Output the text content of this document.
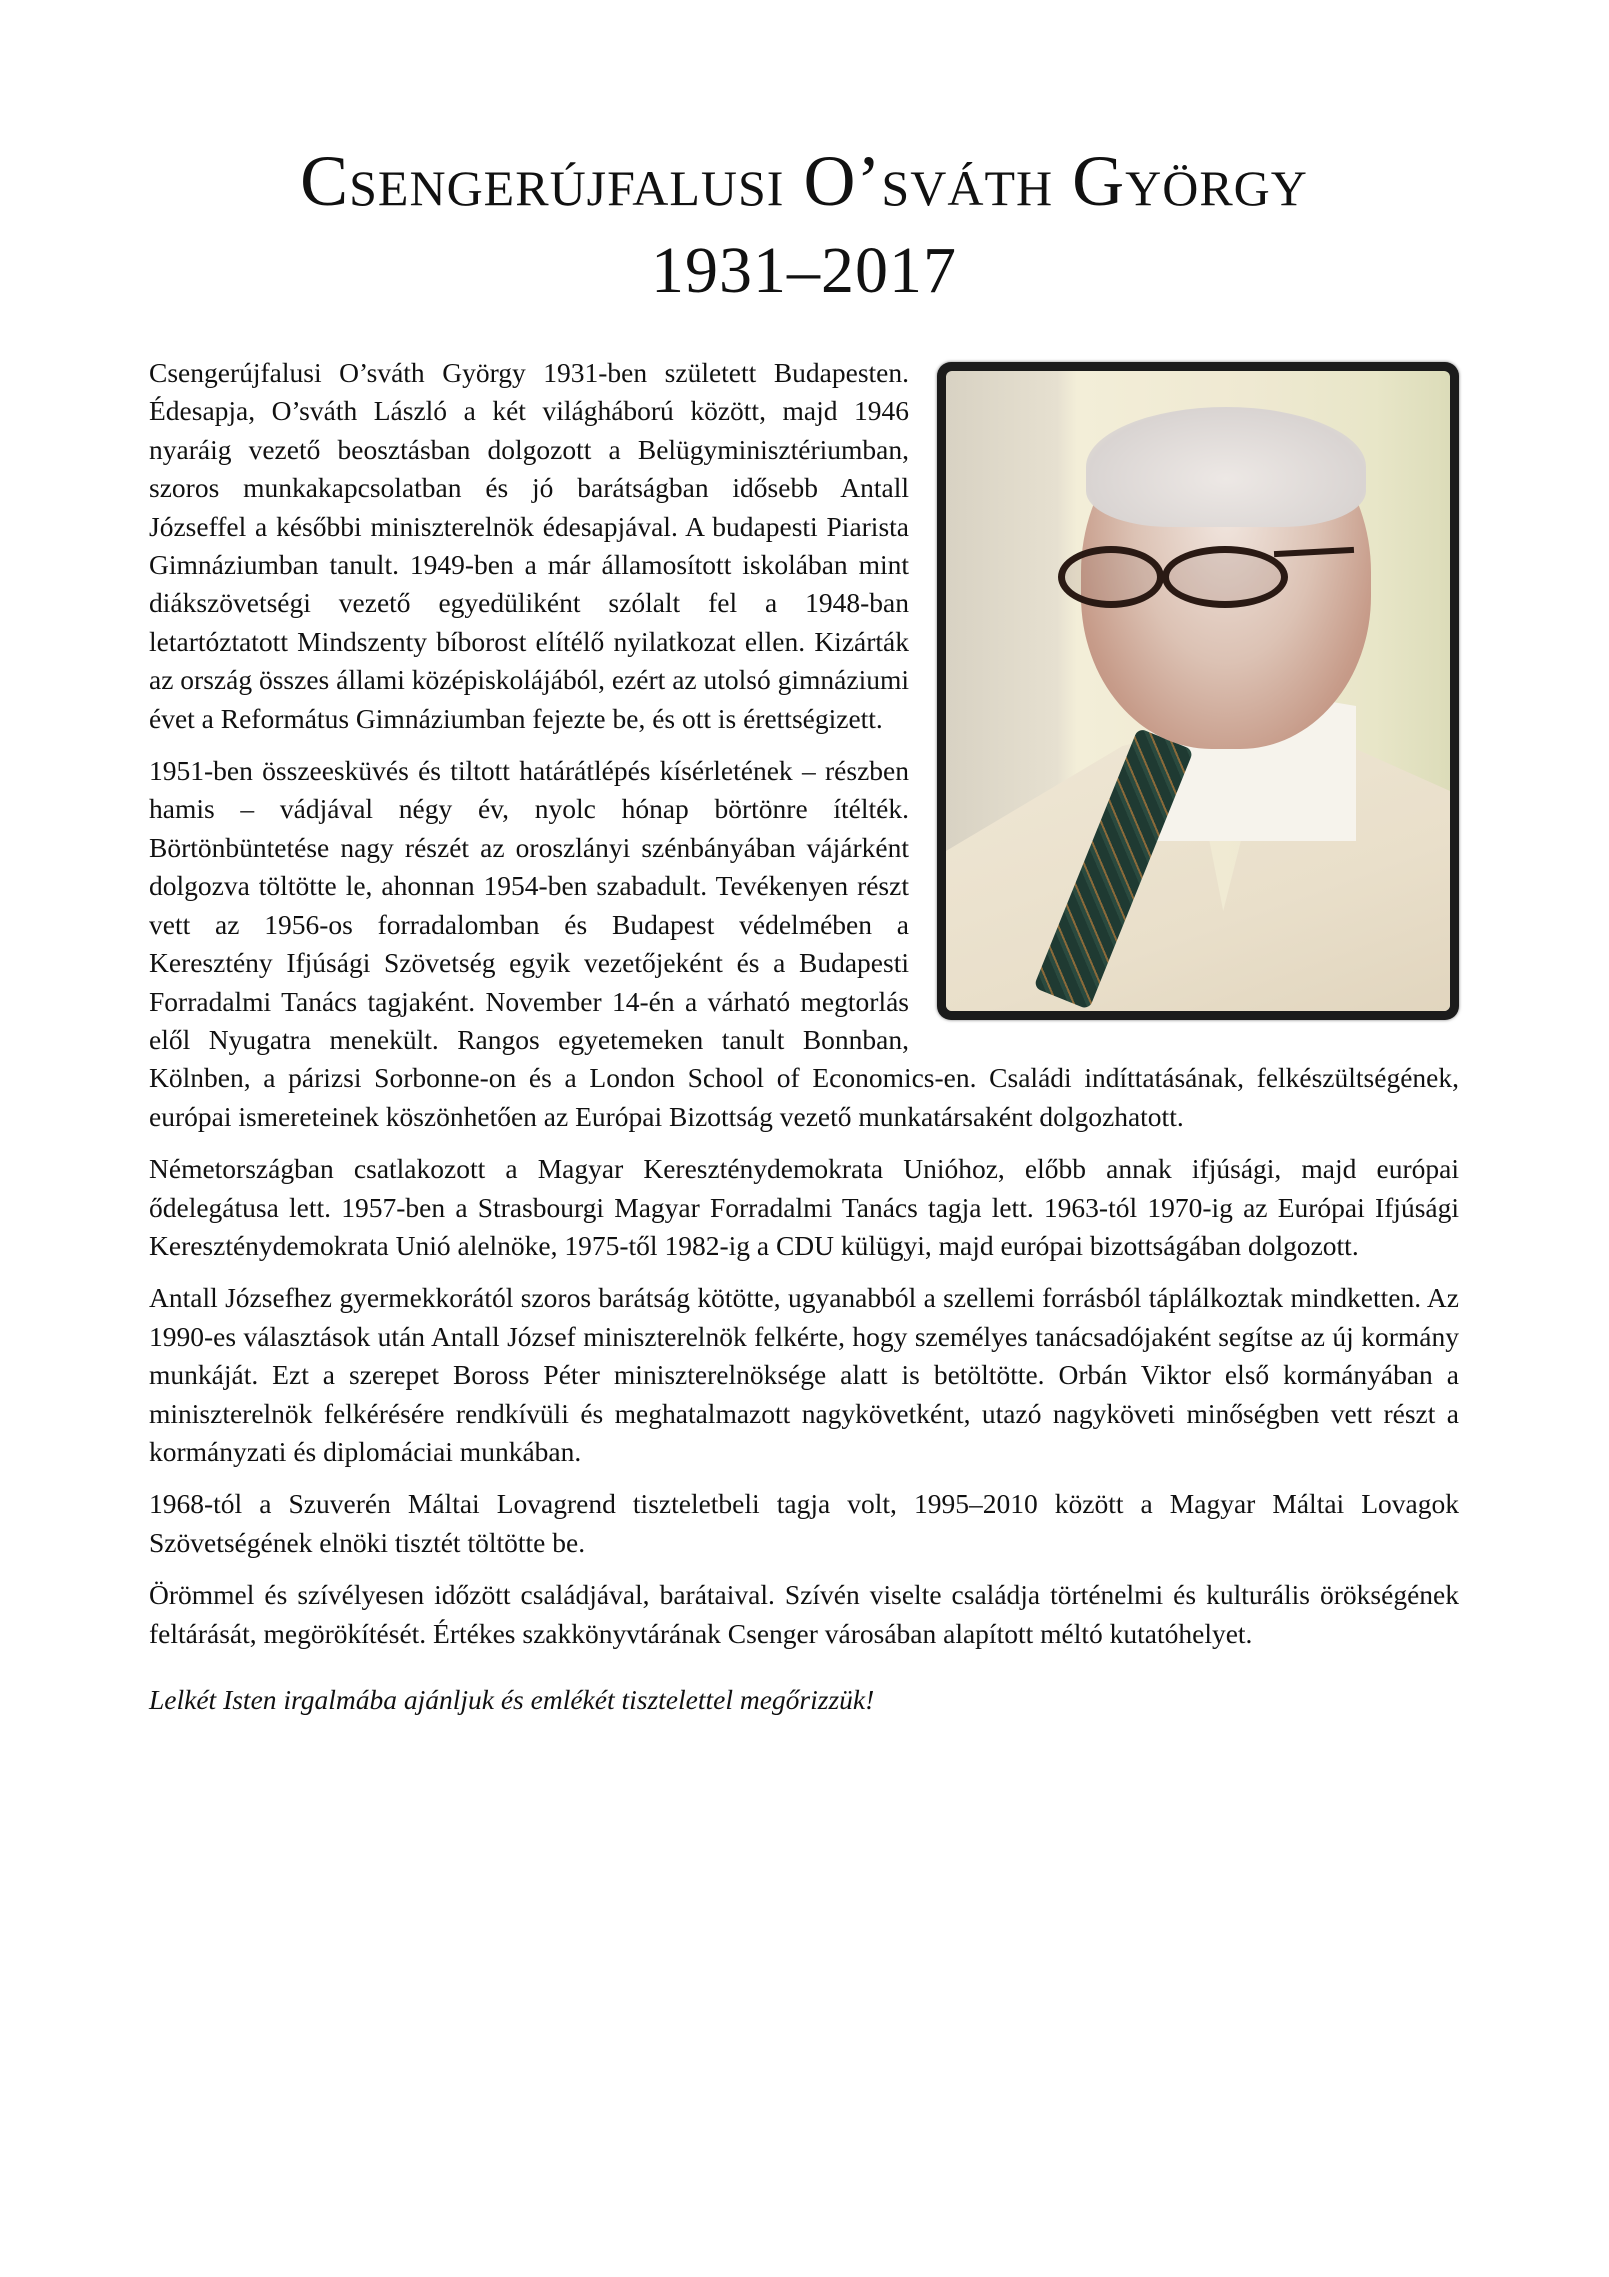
Csengerújfalusi O’sváth György
1931–2017

Csengerújfalusi O’sváth György 1931-ben született Budapesten. Édesapja, O’sváth László a két világháború között, majd 1946 nyaráig vezető beosztásban dolgozott a Belügyminisztériumban, szoros munkakapcsolatban és jó barátságban idősebb Antall Józseffel a későbbi miniszterelnök édesapjával. A budapesti Piarista Gimnáziumban tanult. 1949-ben a már államosított iskolában mint diákszövetségi vezető egyedüliként szólalt fel a 1948-ban letartóztatott Mindszenty bíborost elítélő nyilatkozat ellen. Kizárták az ország összes állami középiskolájából, ezért az utolsó gimnáziumi évet a Református Gimnáziumban fejezte be, és ott is érettségizett.

1951-ben összeesküvés és tiltott határátlépés kísérletének – részben hamis – vádjával négy év, nyolc hónap börtönre ítélték. Börtönbüntetése nagy részét az oroszlányi szénbányában vájárként dolgozva töltötte le, ahonnan 1954-ben szabadult. Tevékenyen részt vett az 1956-os forradalomban és Budapest védelmében a Keresztény Ifjúsági Szövetség egyik vezetőjeként és a Budapesti Forradalmi Tanács tagjaként. November 14-én a várható megtorlás elől Nyugatra menekült. Rangos egyetemeken tanult Bonnban, Kölnben, a párizsi Sorbonne-on és a London School of Economics-en. Családi indíttatásának, felkészültségének, európai ismereteinek köszönhetően az Európai Bizottság vezető munkatársaként dolgozhatott.

Németországban csatlakozott a Magyar Kereszténydemokrata Unióhoz, előbb annak ifjúsági, majd európai ődelegátusa lett. 1957-ben a Strasbourgi Magyar Forradalmi Tanács tagja lett. 1963-tól 1970-ig az Európai Ifjúsági Kereszténydemokrata Unió alelnöke, 1975-től 1982-ig a CDU külügyi, majd európai bizottságában dolgozott.

Antall Józsefhez gyermekkorától szoros barátság kötötte, ugyanabból a szellemi forrásból táplálkoztak mindketten. Az 1990-es választások után Antall József miniszterelnök felkérte, hogy személyes tanácsadójaként segítse az új kormány munkáját. Ezt a szerepet Boross Péter miniszterelnöksége alatt is betöltötte. Orbán Viktor első kormányában a miniszterelnök felkérésére rendkívüli és meghatalmazott nagykövetként, utazó nagyköveti minőségben vett részt a kormányzati és diplomáciai munkában.

1968-tól a Szuverén Máltai Lovagrend tiszteletbeli tagja volt, 1995–2010 között a Magyar Máltai Lovagok Szövetségének elnöki tisztét töltötte be.

Örömmel és szívélyesen időzött családjával, barátaival. Szívén viselte családja történelmi és kulturális örökségének feltárását, megörökítését. Értékes szakkönyvtárának Csenger városában alapított méltó kutatóhelyet.

Lelkét Isten irgalmába ajánljuk és emlékét tisztelettel megőrizzük!
